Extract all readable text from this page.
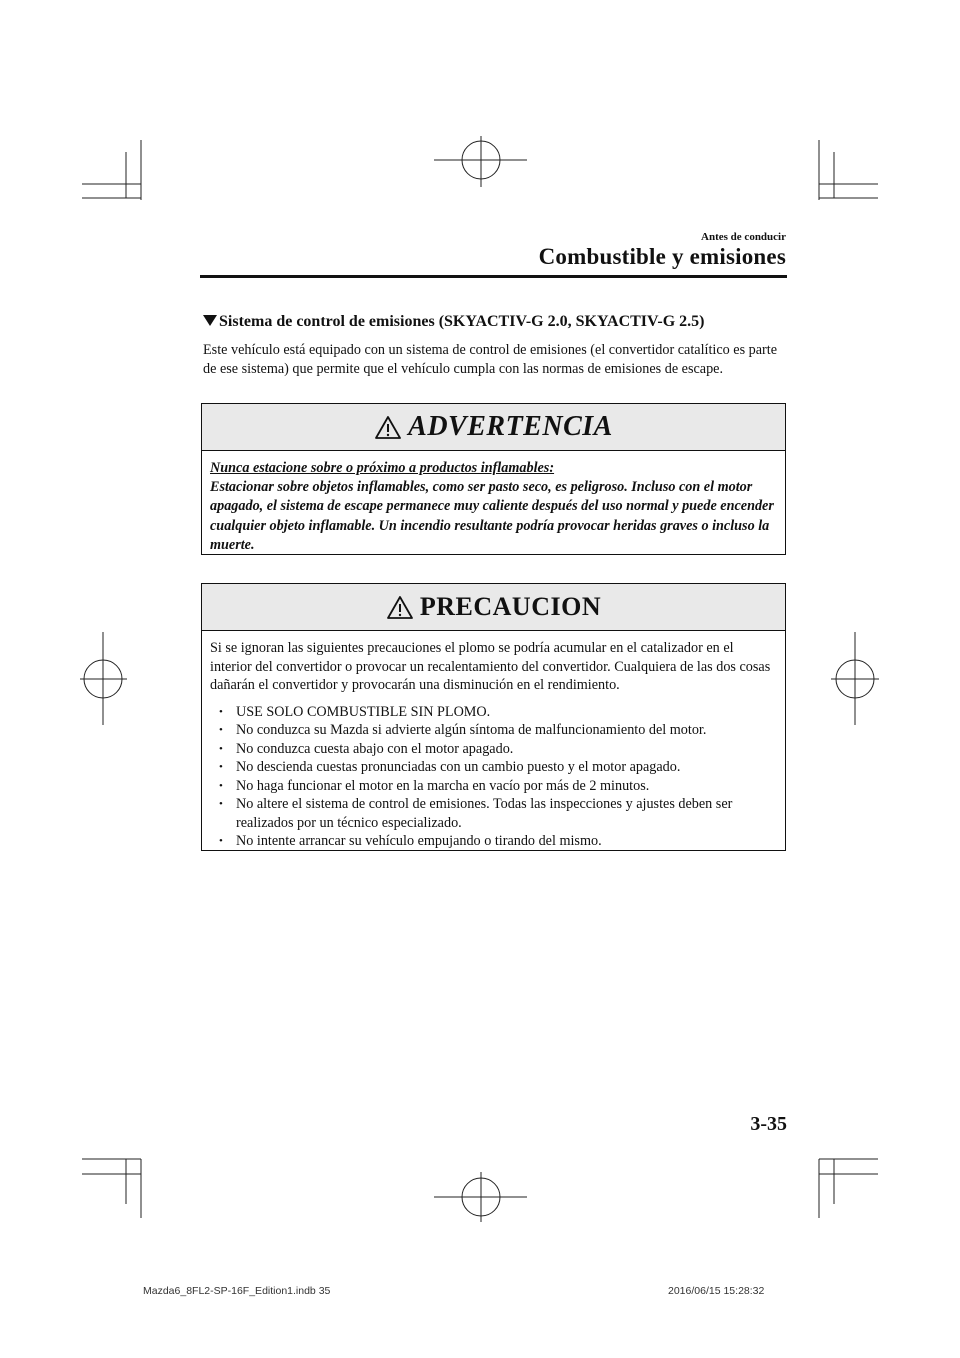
Antes de conducir
Combustible y emisiones
Sistema de control de emisiones (SKYACTIV-G 2.0, SKYACTIV-G 2.5)
Este vehículo está equipado con un sistema de control de emisiones (el convertidor catalítico es parte de ese sistema) que permite que el vehículo cumpla con las normas de emisiones de escape.
ADVERTENCIA
Nunca estacione sobre o próximo a productos inflamables:
Estacionar sobre objetos inflamables, como ser pasto seco, es peligroso. Incluso con el motor apagado, el sistema de escape permanece muy caliente después del uso normal y puede encender cualquier objeto inflamable. Un incendio resultante podría provocar heridas graves o incluso la muerte.
PRECAUCION
Si se ignoran las siguientes precauciones el plomo se podría acumular en el catalizador en el interior del convertidor o provocar un recalentamiento del convertidor. Cualquiera de las dos cosas dañarán el convertidor y provocarán una disminución en el rendimiento.
• USE SOLO COMBUSTIBLE SIN PLOMO.
• No conduzca su Mazda si advierte algún síntoma de malfuncionamiento del motor.
• No conduzca cuesta abajo con el motor apagado.
• No descienda cuestas pronunciadas con un cambio puesto y el motor apagado.
• No haga funcionar el motor en la marcha en vacío por más de 2 minutos.
• No altere el sistema de control de emisiones. Todas las inspecciones y ajustes deben ser realizados por un técnico especializado.
• No intente arrancar su vehículo empujando o tirando del mismo.
3-35
Mazda6_8FL2-SP-16F_Edition1.indb 35	2016/06/15 15:28:32
